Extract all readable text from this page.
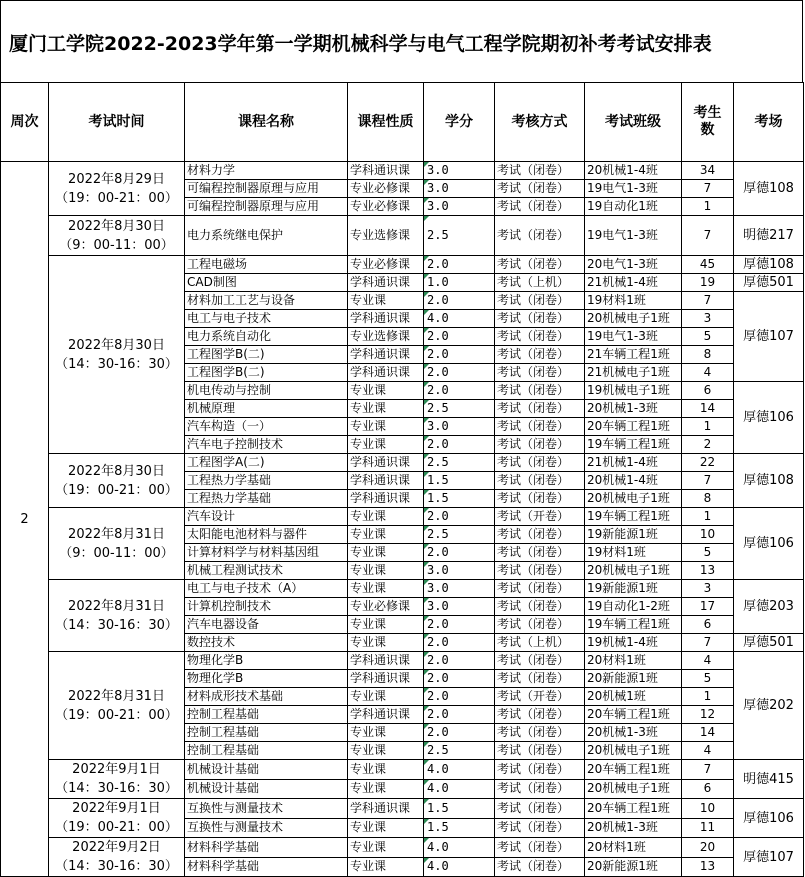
厦门工学院2022-2023学年第一学期机械科学与电气工程学院期初补考考试安排表
周次	考试时间	课程名称	课程性质	学分	考核方式	考试班级	考生数	考场
2	2022年8月29日
（19：00-21：00）	材料力学	学科通识课	3.0	考试（闭卷）	20机械1-4班	34	厚德108
		可编程控制器原理与应用	专业必修课	3.0	考试（闭卷）	19电气1-3班	7	
		可编程控制器原理与应用	专业必修课	3.0	考试（闭卷）	19自动化1班	1	

	2022年8月30日
（9：00-11：00）	电力系统继电保护	专业选修课	2.5	考试（闭卷）	19电气1-3班	7	明德217

	2022年8月30日
（14：30-16：30）	工程电磁场	专业必修课	2.0	考试（闭卷）	20电气1-3班	45	厚德108
		CAD制图	学科通识课	1.0	考试（上机）	21机械1-4班	19	厚德501
		材料加工工艺与设备	专业课	2.0	考试（闭卷）	19材料1班	7	厚德107
		电工与电子技术	学科通识课	4.0	考试（闭卷）	20机械电子1班	3	
		电力系统自动化	专业选修课	2.0	考试（闭卷）	19电气1-3班	5	
		工程图学B(二)	学科通识课	2.0	考试（闭卷）	21车辆工程1班	8	
		工程图学B(二)	学科通识课	2.0	考试（闭卷）	21机械电子1班	4	
		机电传动与控制	专业课	2.0	考试（闭卷）	19机械电子1班	6	厚德106
		机械原理	专业课	2.5	考试（闭卷）	20机械1-3班	14	
		汽车构造（一）	专业课	3.0	考试（闭卷）	20车辆工程1班	1	
		汽车电子控制技术	专业课	2.0	考试（闭卷）	19车辆工程1班	2	

	2022年8月30日
（19：00-21：00）	工程图学A(二)	学科通识课	2.5	考试（闭卷）	21机械1-4班	22	厚德108
		工程热力学基础	学科通识课	1.5	考试（闭卷）	20机械1-4班	7	
		工程热力学基础	学科通识课	1.5	考试（闭卷）	20机械电子1班	8	

	2022年8月31日
（9：00-11：00）	汽车设计	专业课	2.0	考试（开卷）	19车辆工程1班	1	厚德106
		太阳能电池材料与器件	专业课	2.5	考试（闭卷）	19新能源1班	10	
		计算材料学与材料基因组	专业课	2.0	考试（闭卷）	19材料1班	5	
		机械工程测试技术	专业课	3.0	考试（闭卷）	20机械电子1班	13	

	2022年8月31日
（14：30-16：30）	电工与电子技术（A）	专业课	3.0	考试（闭卷）	19新能源1班	3	厚德203
		计算机控制技术	专业必修课	3.0	考试（闭卷）	19自动化1-2班	17	
		汽车电器设备	专业课	2.0	考试（闭卷）	19车辆工程1班	6	
		数控技术	专业课	2.0	考试（上机）	19机械1-4班	7	厚德501

	2022年8月31日
（19：00-21：00）	物理化学B	学科通识课	2.0	考试（闭卷）	20材料1班	4	厚德202
		物理化学B	学科通识课	2.0	考试（闭卷）	20新能源1班	5	
		材料成形技术基础	专业课	2.0	考试（开卷）	20机械1班	1	
		控制工程基础	学科通识课	2.0	考试（闭卷）	20车辆工程1班	12	
		控制工程基础	专业课	2.0	考试（闭卷）	20机械1-3班	14	
		控制工程基础	专业课	2.5	考试（闭卷）	20机械电子1班	4	

	2022年9月1日
（14：30-16：30）	机械设计基础	专业课	4.0	考试（闭卷）	20车辆工程1班	7	明德415
		机械设计基础	专业课	4.0	考试（闭卷）	20机械电子1班	6	

	2022年9月1日
（19：00-21：00）	互换性与测量技术	学科通识课	1.5	考试（闭卷）	20车辆工程1班	10	厚德106
		互换性与测量技术	专业课	1.5	考试（闭卷）	20机械1-3班	11	

	2022年9月2日
（14：30-16：30）	材料科学基础	专业课	4.0	考试（闭卷）	20材料1班	20	厚德107
		材料科学基础	专业课	4.0	考试（闭卷）	20新能源1班	13	
